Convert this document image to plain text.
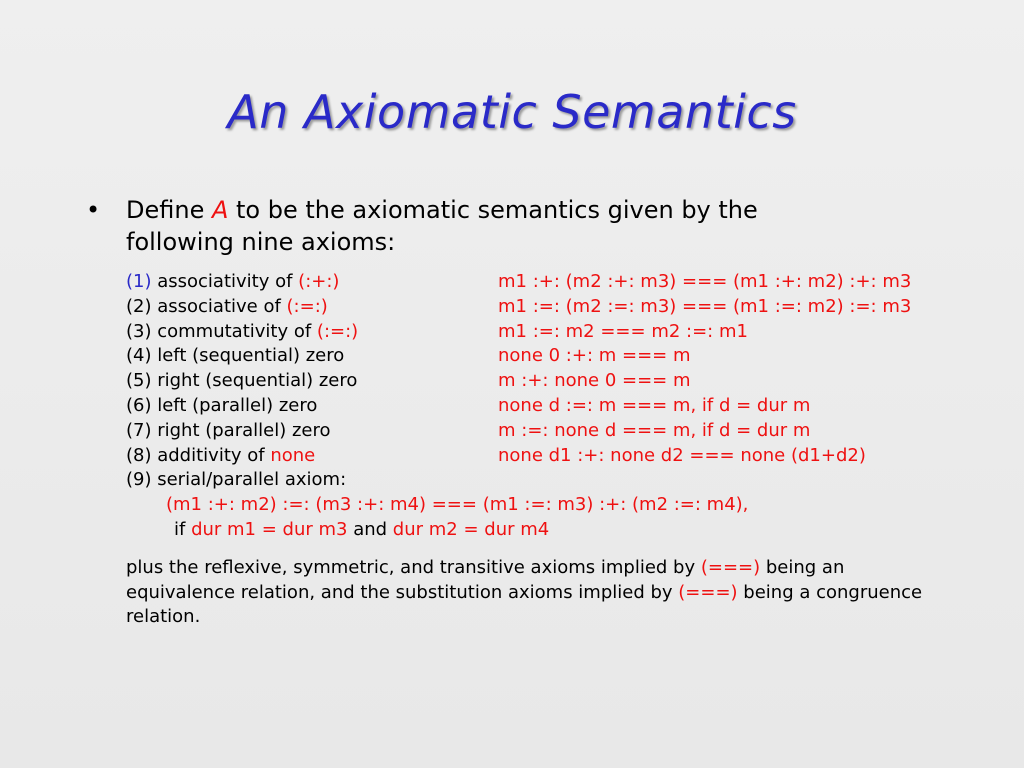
An Axiomatic Semantics
• Define A to be the axiomatic semantics given by the
following nine axioms:
(1) associativity of (:+:)	m1 :+: (m2 :+: m3) === (m1 :+: m2) :+: m3
(2) associative of (:=:)	m1 :=: (m2 :=: m3) === (m1 :=: m2) :=: m3
(3) commutativity of (:=:)	m1 :=: m2 === m2 :=: m1
(4) left (sequential) zero	none 0 :+: m === m
(5) right (sequential) zero	m :+: none 0 === m
(6) left (parallel) zero	none d :=: m === m, if d = dur m
(7) right (parallel) zero	m :=: none d === m, if d = dur m
(8) additivity of none	none d1 :+: none d2 === none (d1+d2)
(9) serial/parallel axiom:
(m1 :+: m2) :=: (m3 :+: m4) === (m1 :=: m3) :+: (m2 :=: m4),
if dur m1 = dur m3 and dur m2 = dur m4
plus the reflexive, symmetric, and transitive axioms implied by (===) being an equivalence relation, and the substitution axioms implied by (===) being a congruence relation.
